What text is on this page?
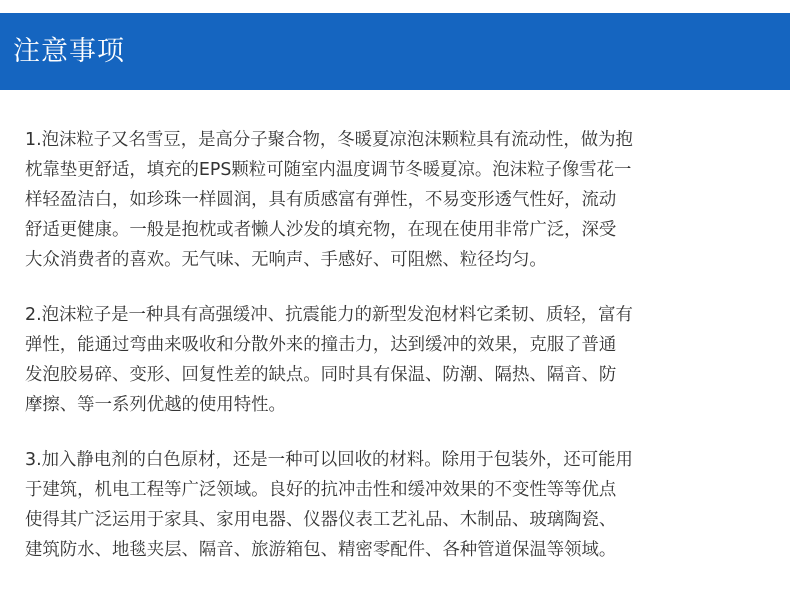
注意事项

1.泡沫粒子又名雪豆，是高分子聚合物，冬暖夏凉泡沫颗粒具有流动性，做为抱
枕靠垫更舒适，填充的EPS颗粒可随室内温度调节冬暖夏凉。泡沫粒子像雪花一
样轻盈洁白，如珍珠一样圆润，具有质感富有弹性，不易变形透气性好，流动
舒适更健康。一般是抱枕或者懒人沙发的填充物，在现在使用非常广泛，深受
大众消费者的喜欢。无气味、无响声、手感好、可阻燃、粒径均匀。

2.泡沫粒子是一种具有高强缓冲、抗震能力的新型发泡材料它柔韧、质轻，富有
弹性，能通过弯曲来吸收和分散外来的撞击力，达到缓冲的效果，克服了普通
发泡胶易碎、变形、回复性差的缺点。同时具有保温、防潮、隔热、隔音、防
摩擦、等一系列优越的使用特性。

3.加入静电剂的白色原材，还是一种可以回收的材料。除用于包装外，还可能用
于建筑，机电工程等广泛领域。良好的抗冲击性和缓冲效果的不变性等等优点
使得其广泛运用于家具、家用电器、仪器仪表工艺礼品、木制品、玻璃陶瓷、
建筑防水、地毯夹层、隔音、旅游箱包、精密零配件、各种管道保温等领域。
